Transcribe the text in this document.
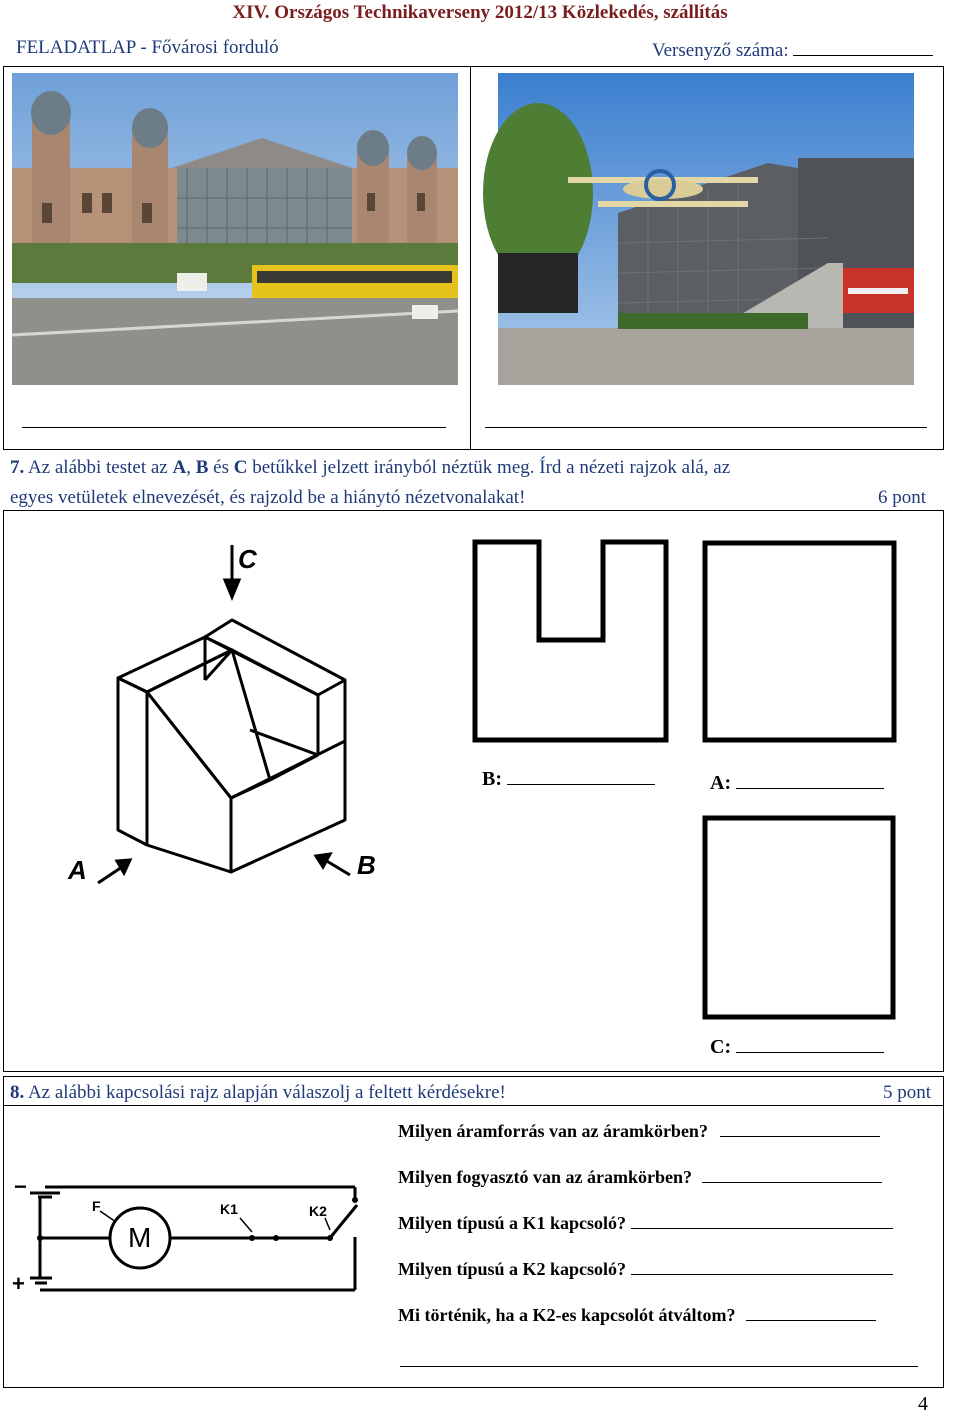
XIV. Országos Technikaverseny 2012/13 Közlekedés, szállítás
FELADATLAP - Fővárosi forduló	Versenyző száma:
7. Az alábbi testet az A, B és C betűkkel jelzett irányból néztük meg. Írd a nézeti rajzok alá, az
egyes vetületek elnevezését, és rajzold be a hiánytó nézetvonalakat!	6 pont
C
A	B
B:	A:
C:
8. Az alábbi kapcsolási rajz alapján válaszolj a feltett kérdésekre!	5 pont
Milyen áramforrás van az áramkörben?
Milyen fogyasztó van az áramkörben?
Milyen típusú a K1 kapcsoló?
Milyen típusú a K2 kapcsoló?
Mi történik, ha a K2-es kapcsolót átváltom?
−
+
F
M
K1	K2
4
